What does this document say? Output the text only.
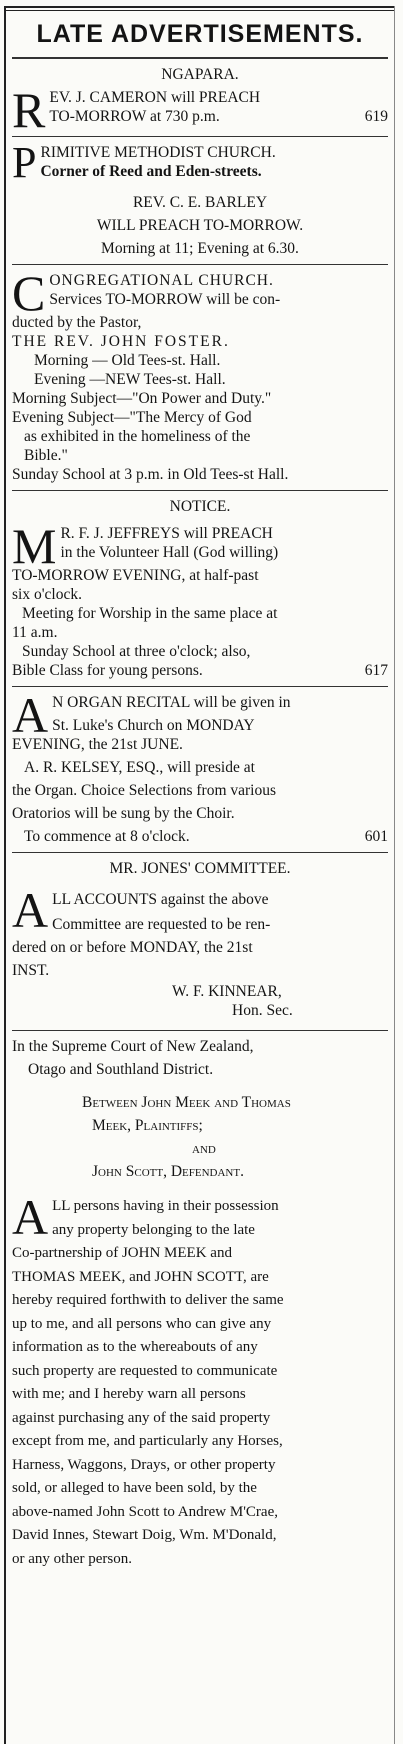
LATE ADVERTISEMENTS.

NGAPARA.

R EV. J. CAMERON will PREACH

TO-MORROW at 730 p.m.	619
P RIMITIVE METHODIST CHURCH.

Corner of Reed and Eden-streets.

REV. C. E. BARLEY

WILL PREACH TO-MORROW.

Morning at 11; Evening at 6.30.

C ONGREGATIONAL CHURCH.

Services TO-MORROW will be con-

ducted by the Pastor,

THE REV. JOHN FOSTER.

Morning — Old Tees-st. Hall.

Evening —NEW Tees-st. Hall.

Morning Subject—"On Power and Duty."

Evening Subject—"The Mercy of God

as exhibited in the homeliness of the

Bible."

Sunday School at 3 p.m. in Old Tees-st Hall.

NOTICE.

M R. F. J. JEFFREYS will PREACH

in the Volunteer Hall (God willing)

TO-MORROW EVENING, at half-past

six o'clock.

Meeting for Worship in the same place at

11 a.m.

Sunday School at three o'clock; also,

Bible Class for young persons.	617
A N ORGAN RECITAL will be given in

St. Luke's Church on MONDAY

EVENING, the 21st JUNE.

A. R. KELSEY, ESQ., will preside at

the Organ. Choice Selections from various

Oratorios will be sung by the Choir.

To commence at 8 o'clock.	601

MR. JONES' COMMITTEE.

A LL ACCOUNTS against the above

Committee are requested to be ren-

dered on or before MONDAY, the 21st

INST.

W. F. KINNEAR,

Hon. Sec.

In the Supreme Court of New Zealand,

Otago and Southland District.

Between John Meek and Thomas

Meek, Plaintiffs;

and

John Scott, Defendant.

A LL persons having in their possession

any property belonging to the late

Co-partnership of JOHN MEEK and

THOMAS MEEK, and JOHN SCOTT, are

hereby required forthwith to deliver the same

up to me, and all persons who can give any

information as to the whereabouts of any

such property are requested to communicate

with me; and I hereby warn all persons

against purchasing any of the said property

except from me, and particularly any Horses,

Harness, Waggons, Drays, or other property

sold, or alleged to have been sold, by the

above-named John Scott to Andrew M'Crae,

David Innes, Stewart Doig, Wm. M'Donald,

or any other person.
